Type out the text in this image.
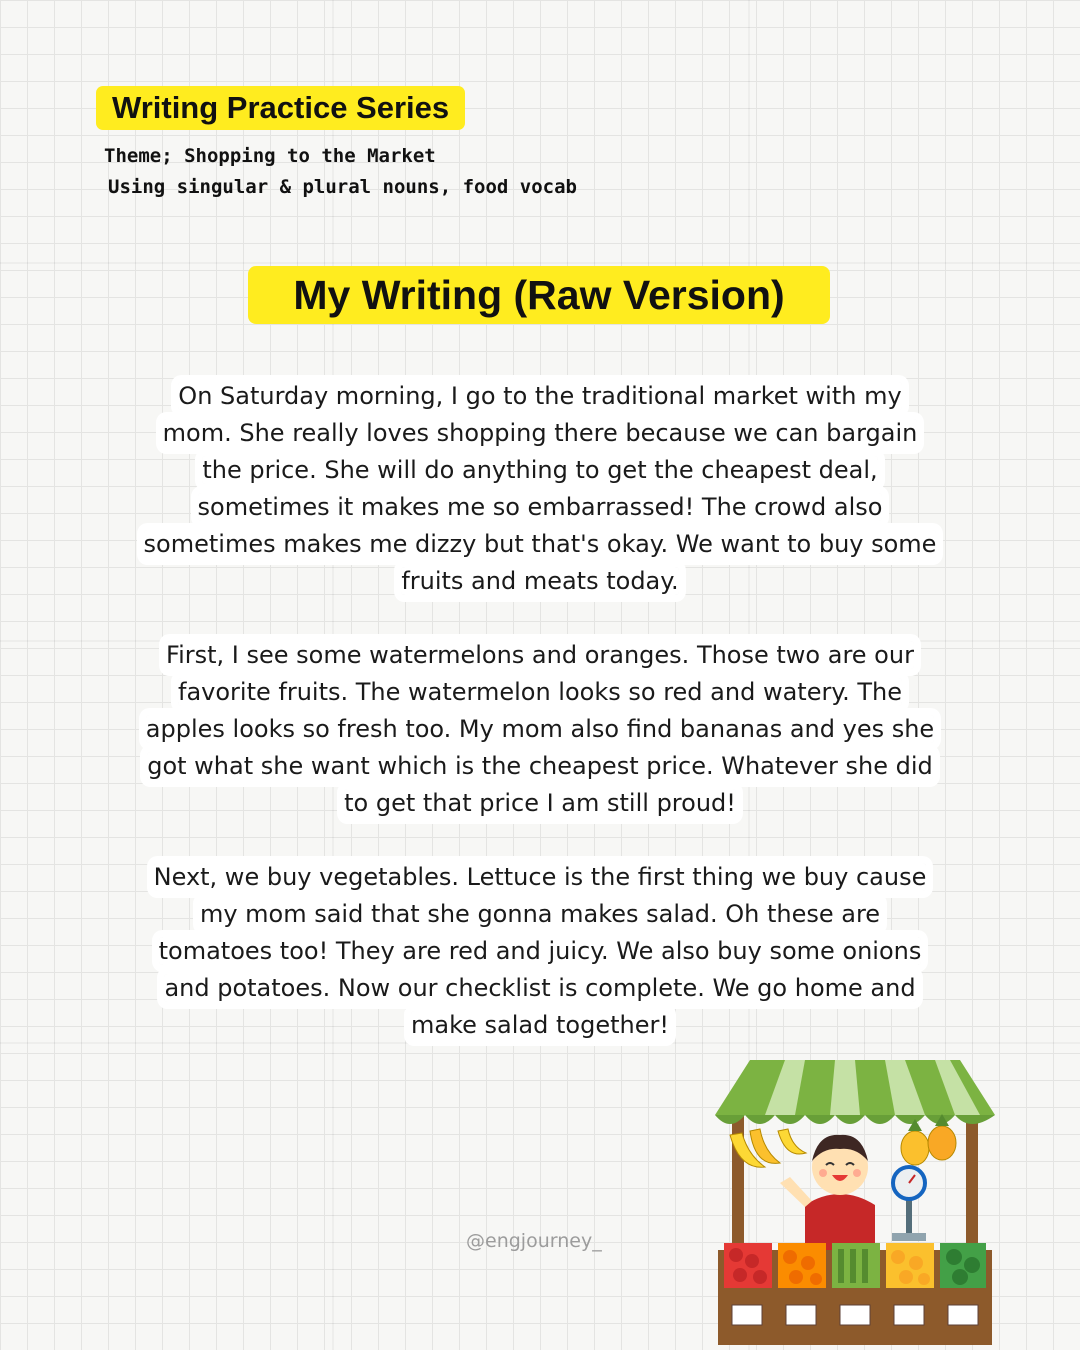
Writing Practice Series
Theme; Shopping to the Market
Using singular & plural nouns, food vocab
My Writing (Raw Version)

On Saturday morning, I go to the traditional market with my mom. She really loves shopping there because we can bargain the price. She will do anything to get the cheapest deal, sometimes it makes me so embarrassed! The crowd also sometimes makes me dizzy but that's okay. We want to buy some fruits and meats today.

First, I see some watermelons and oranges. Those two are our favorite fruits. The watermelon looks so red and watery. The apples looks so fresh too. My mom also find bananas and yes she got what she want which is the cheapest price. Whatever she did to get that price I am still proud!

Next, we buy vegetables. Lettuce is the first thing we buy cause my mom said that she gonna makes salad. Oh these are tomatoes too! They are red and juicy. We also buy some onions and potatoes. Now our checklist is complete. We go home and make salad together!

@engjourney_
